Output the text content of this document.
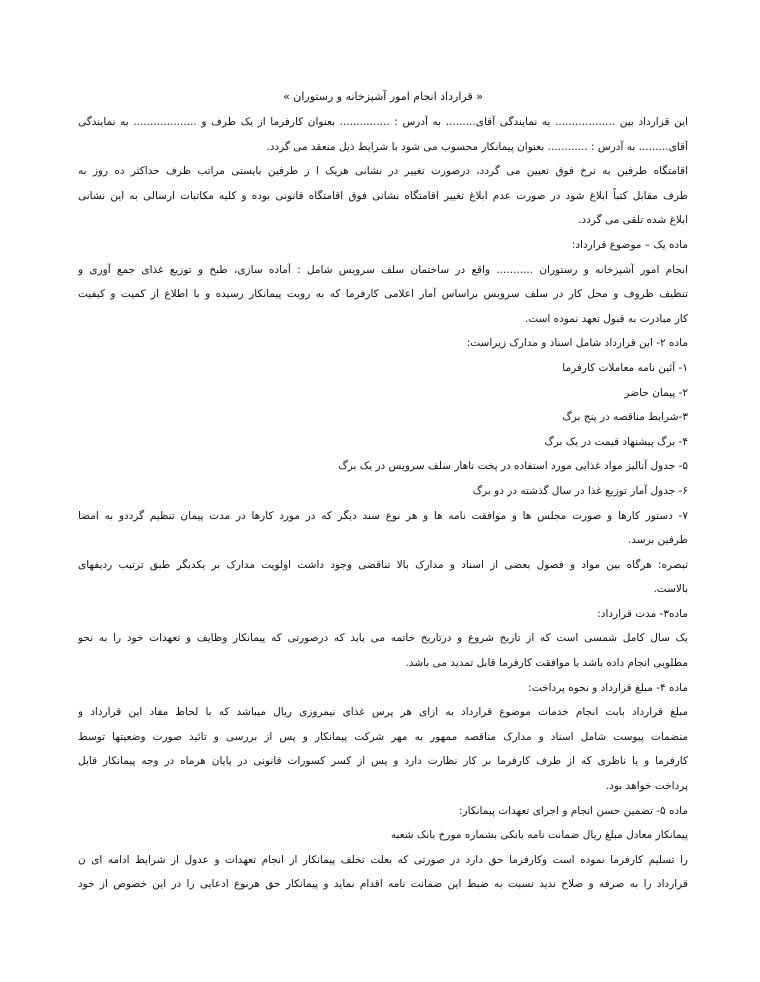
« قرارداد انجام امور آشپزخانه و رستوران »
این قرارداد بین .................. به نمایندگی آقای......... به آدرس : ............... بعنوان کارفرما از یک طرف و ................... به نمایندگی
آقای......... به آدرس : ............ بعنوان پیمانکار محسوب می شود با شرایط ذیل منعقد می گردد.
اقامتگاه طرفین به نرخ فوق تعیین می گردد، درصورت تغییر در نشانی هریک ا ز طرفین بایستی مراتب ظرف حداکثر ده روز به
طرف مقابل کتباً ابلاغ شود در صورت عدم ابلاغ تغییر اقامتگاه نشانی فوق اقامتگاه قانونی بوده و کلیه مکاتبات ارسالی به این نشانی
ابلاغ شده تلقی می گردد.
ماده یک – موضوع قرارداد:
انجام امور آشپزخانه و رستوران ........... واقع در ساختمان سلف سرویس شامل : آماده سازی، طبخ و توزیع غذای جمع آوری و
تنظیف ظروف و محل کار در سلف سرویس براساس آمار اعلامی کارفرما که به رویت پیمانکار رسیده و با اطلاع از کمیت و کیفیت
کار مبادرت به قبول تعهد نموده است.
ماده ۲- این قرارداد شامل اسناد و مدارک زیراست:
۱- آئین نامه معاملات کارفرما
۲- پیمان حاضر
۳-شرایط مناقصه در پنج برگ
۴- برگ پیشنهاد قیمت در یک برگ
۵- جدول آنالیز مواد غذایی مورد استفاده در پخت ناهار سلف سرویس در یک برگ
۶- جدول آمار توزیع غذا در سال گذشته در دو برگ
۷- دستور کارها و صورت مجلس ها و موافقت نامه ها و هر نوع سند دیگر که در مورد کارها در مدت پیمان تنظیم گرددو به امضا
طرفین برسد.
تبصره: هرگاه بین مواد و فصول بعضی از اسناد و مدارک بالا تناقضی وجود داشت اولویت مدارک بر یکدیگر طبق ترتیب ردیفهای
بالاست.
ماده۳- مدت قرارداد:
یک سال کامل شمسی است که از تاریخ شروع و درتاریخ خاتمه می یابد که درصورتی که پیمانکار وظایف و تعهدات خود را به نحو
مطلوبی انجام داده باشد با موافقت کارفرما قابل تمدید می باشد.
ماده ۴- مبلغ قرارداد و نحوه پرداخت:
مبلغ قرارداد بابت انجام خدمات موضوع قرارداد به ازای هر پرس غذای نیمروزی ریال میباشد که با لحاظ مفاد این قرارداد و
منضمات پیوست شامل اسناد و مدارک مناقصه ممهور به مهر شرکت پیمانکار و پس از بررسی و تائید صورت وضعیتها توسط
کارفرما و یا ناظری که از طرف کارفرما بر کار نظارت دارد و پس از کسر کسورات قانونی در پایان هرماه در وجه پیمانکار قابل
پرداخت خواهد بود.
ماده ۵- تضمین حسن انجام و اجرای تعهدات پیمانکار:
پیمانکار معادل مبلغ ریال ضمانت نامه بانکی بشماره مورخ بانک شعبه
را تسلیم کارفرما نموده است وکارفرما حق دارد در صورتی که بعلت تخلف پیمانکار از انجام تعهدات و عدول از شرایط ادامه ای ن
قرارداد را به صرفه و صلاح ندید نسبت به ضبط این ضمانت نامه اقدام نماید و پیمانکار حق هرنوع ادعایی را در این خصوص از خود
